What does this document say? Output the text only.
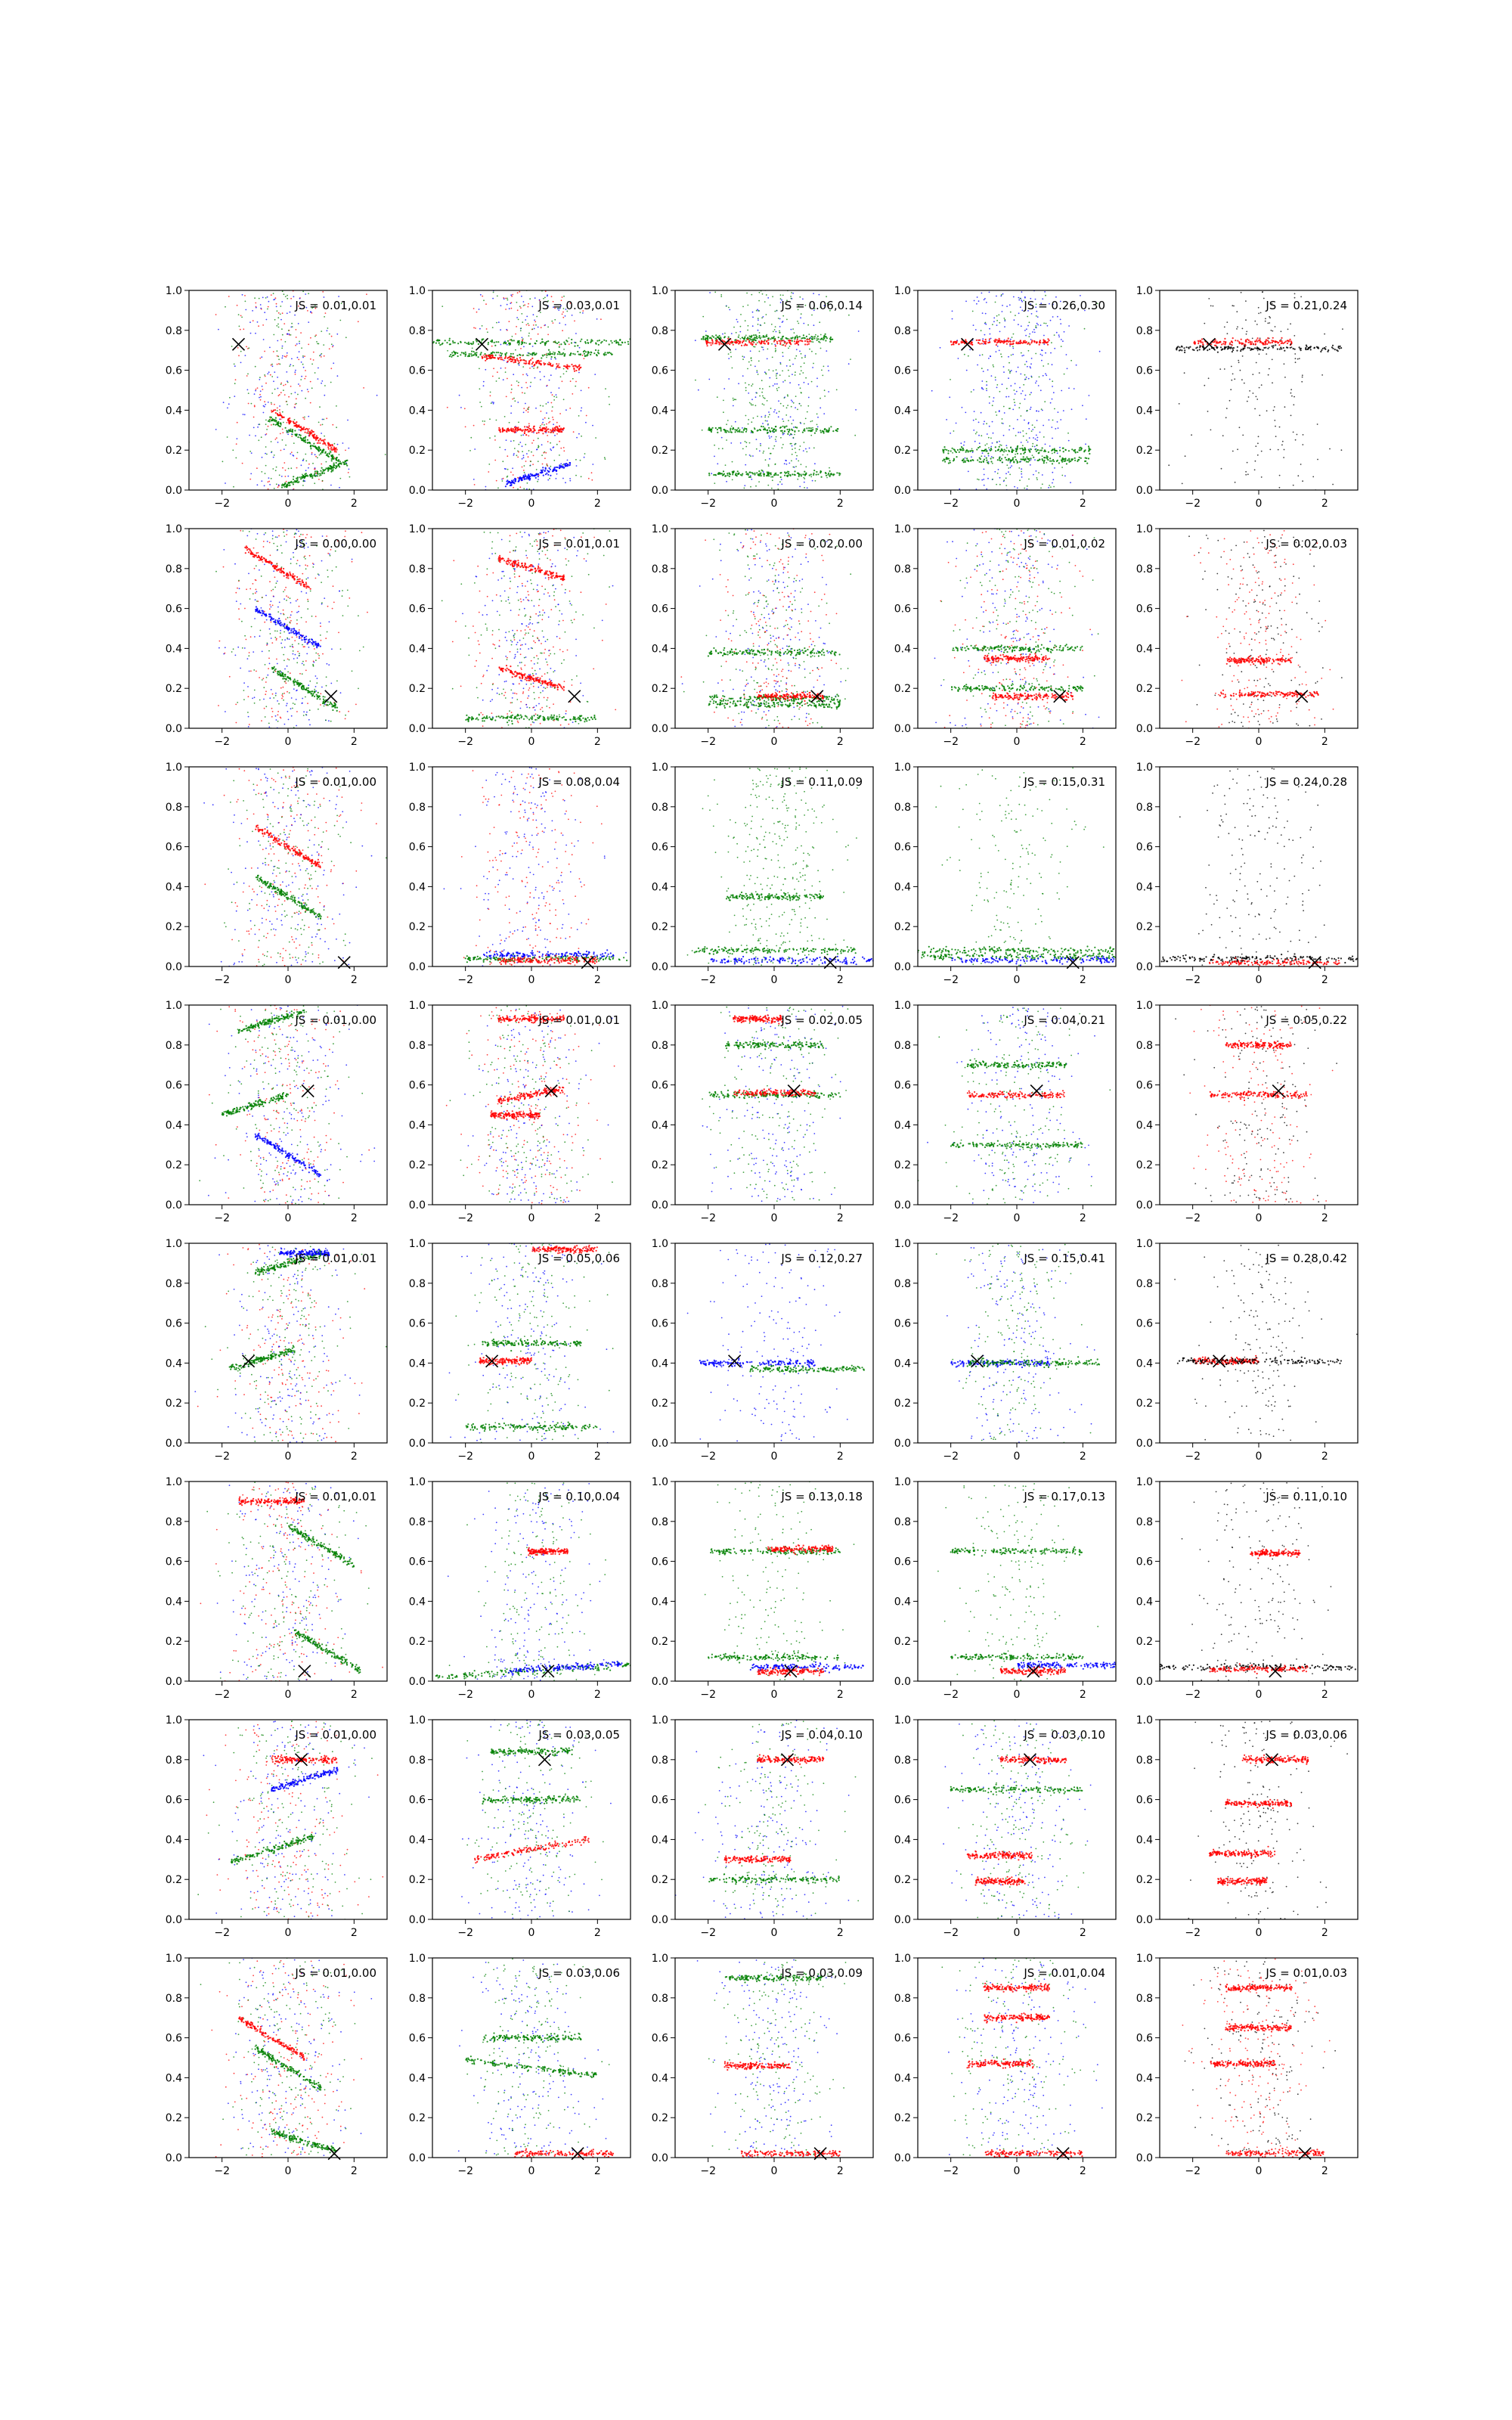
−2	0	2
0.0
0.2
0.4
0.6
0.8
1.0
JS = 0.01,0.01
−2	0	2
0.0
0.2
0.4
0.6
0.8
1.0
JS = 0.03,0.01
−2	0	2
0.0
0.2
0.4
0.6
0.8
1.0
JS = 0.06,0.14
−2	0	2
0.0
0.2
0.4
0.6
0.8
1.0
JS = 0.26,0.30
−2	0	2
0.0
0.2
0.4
0.6
0.8
1.0
JS = 0.21,0.24
−2	0	2
0.0
0.2
0.4
0.6
0.8
1.0
JS = 0.00,0.00
−2	0	2
0.0
0.2
0.4
0.6
0.8
1.0
JS = 0.01,0.01
−2	0	2
0.0
0.2
0.4
0.6
0.8
1.0
JS = 0.02,0.00
−2	0	2
0.0
0.2
0.4
0.6
0.8
1.0
JS = 0.01,0.02
−2	0	2
0.0
0.2
0.4
0.6
0.8
1.0
JS = 0.02,0.03
−2	0	2
0.0
0.2
0.4
0.6
0.8
1.0
JS = 0.01,0.00
−2	0	2
0.0
0.2
0.4
0.6
0.8
1.0
JS = 0.08,0.04
−2	0	2
0.0
0.2
0.4
0.6
0.8
1.0
JS = 0.11,0.09
−2	0	2
0.0
0.2
0.4
0.6
0.8
1.0
JS = 0.15,0.31
−2	0	2
0.0
0.2
0.4
0.6
0.8
1.0
JS = 0.24,0.28
−2	0	2
0.0
0.2
0.4
0.6
0.8
1.0
JS = 0.01,0.00
−2	0	2
0.0
0.2
0.4
0.6
0.8
1.0
JS = 0.01,0.01
−2	0	2
0.0
0.2
0.4
0.6
0.8
1.0
JS = 0.02,0.05
−2	0	2
0.0
0.2
0.4
0.6
0.8
1.0
JS = 0.04,0.21
−2	0	2
0.0
0.2
0.4
0.6
0.8
1.0
JS = 0.05,0.22
−2	0	2
0.0
0.2
0.4
0.6
0.8
1.0
JS = 0.01,0.01
−2	0	2
0.0
0.2
0.4
0.6
0.8
1.0
JS = 0.05,0.06
−2	0	2
0.0
0.2
0.4
0.6
0.8
1.0
JS = 0.12,0.27
−2	0	2
0.0
0.2
0.4
0.6
0.8
1.0
JS = 0.15,0.41
−2	0	2
0.0
0.2
0.4
0.6
0.8
1.0
JS = 0.28,0.42
−2	0	2
0.0
0.2
0.4
0.6
0.8
1.0
JS = 0.01,0.01
−2	0	2
0.0
0.2
0.4
0.6
0.8
1.0
JS = 0.10,0.04
−2	0	2
0.0
0.2
0.4
0.6
0.8
1.0
JS = 0.13,0.18
−2	0	2
0.0
0.2
0.4
0.6
0.8
1.0
JS = 0.17,0.13
−2	0	2
0.0
0.2
0.4
0.6
0.8
1.0
JS = 0.11,0.10
−2	0	2
0.0
0.2
0.4
0.6
0.8
1.0
JS = 0.01,0.00
−2	0	2
0.0
0.2
0.4
0.6
0.8
1.0
JS = 0.03,0.05
−2	0	2
0.0
0.2
0.4
0.6
0.8
1.0
JS = 0.04,0.10
−2	0	2
0.0
0.2
0.4
0.6
0.8
1.0
JS = 0.03,0.10
−2	0	2
0.0
0.2
0.4
0.6
0.8
1.0
JS = 0.03,0.06
−2	0	2
0.0
0.2
0.4
0.6
0.8
1.0
JS = 0.01,0.00
−2	0	2
0.0
0.2
0.4
0.6
0.8
1.0
JS = 0.03,0.06
−2	0	2
0.0
0.2
0.4
0.6
0.8
1.0
JS = 0.03,0.09
−2	0	2
0.0
0.2
0.4
0.6
0.8
1.0
JS = 0.01,0.04
−2	0	2
0.0
0.2
0.4
0.6
0.8
1.0
JS = 0.01,0.03
